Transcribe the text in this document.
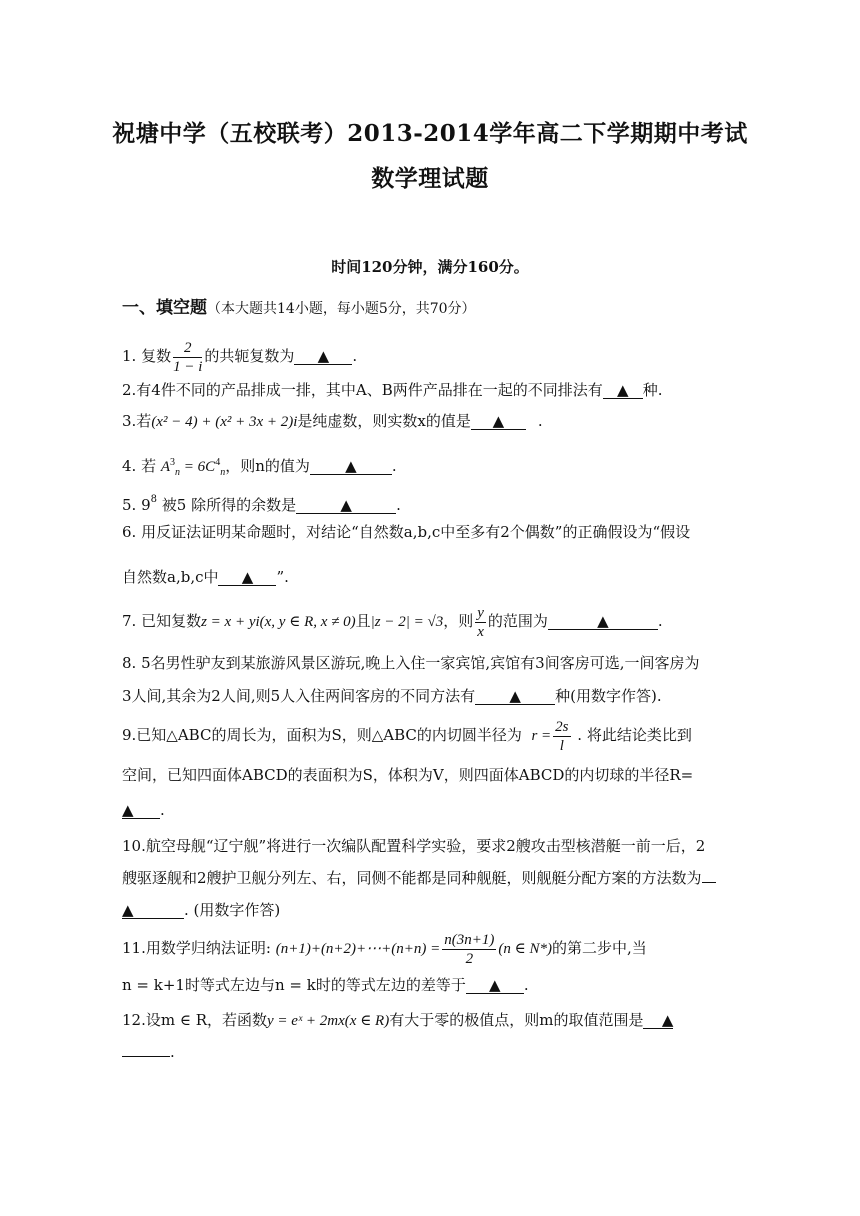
祝塘中学（五校联考）2013-2014学年高二下学期期中考试
数学理试题
时间120分钟，满分160分。
一、填空题（本大题共14小题，每小题5分，共70分）
1. 复数 $\frac{2}{1 - i}$ 的共轭复数为 ▲ .
2.有4件不同的产品排成一排，其中A、B两件产品排在一起的不同排法有 ▲ 种.
3.若(x² − 4) + (x² + 3x + 2)i是纯虚数，则实数x的值是 ▲ .
4. 若 $A^3_n = 6C^4_n$，则n的值为 ▲ .
5. $9^8$ 被5 除所得的余数是	▲	.
6. 用反证法证明某命题时，对结论“自然数a,b,c中至多有2个偶数”的正确假设为“假设
自然数a,b,c中 ▲ ”.
7. 已知复数z = x + yi(x, y ∈ R, x ≠ 0)且|z − 2| = √3，则 $\frac{y}{x}$ 的范围为	▲	.
8. 5名男性驴友到某旅游风景区游玩,晚上入住一家宾馆,宾馆有3间客房可选,一间客房为
3人间,其余为2人间,则5人入住两间客房的不同方法有 ▲ 种(用数字作答).
9.已知△ABC的周长为，面积为S，则△ABC的内切圆半径为 $r = \frac{2s}{l}$ . 将此结论类比到
空间，已知四面体ABCD的表面积为S，体积为V，则四面体ABCD的内切球的半径R=
▲ .
10.航空母舰“辽宁舰”将进行一次编队配置科学实验，要求2艘攻击型核潜艇一前一后，2
艘驱逐舰和2艘护卫舰分列左、右，同侧不能都是同种舰艇，则舰艇分配方案的方法数为
▲	. (用数字作答)
11.用数学归纳法证明: (n+1)+(n+2)+⋯+(n+n) = $\frac{n(3n+1)}{2} (n$ ∈ N*)的第二步中,当
n = k+1时等式左边与n = k时的等式左边的差等于 ▲ .
12.设m ∈ R，若函数y = eˣ + 2mx(x ∈ R)有大于零的极值点，则m的取值范围是 ▲
.
